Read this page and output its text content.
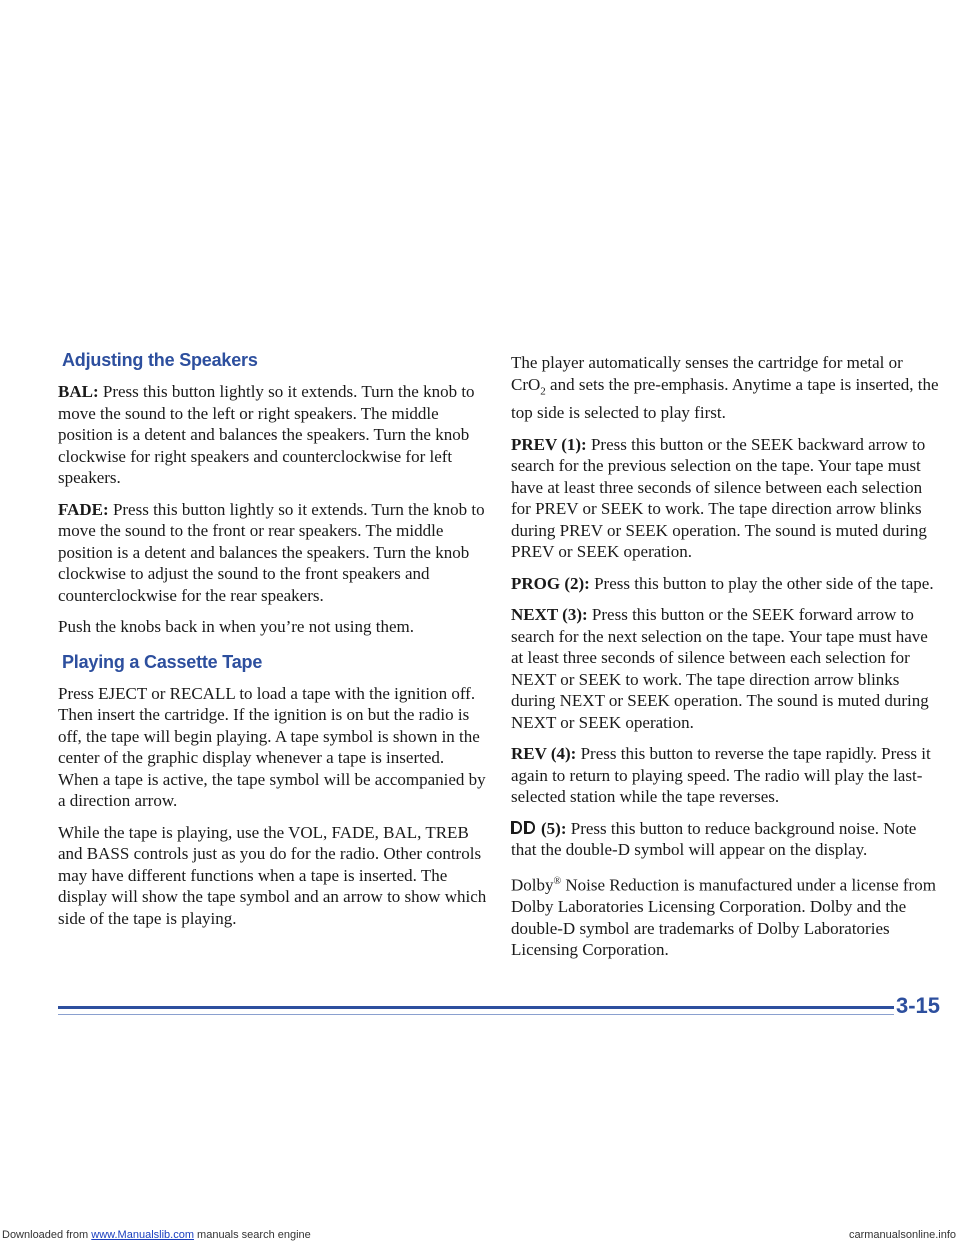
Adjusting the Speakers

BAL: Press this button lightly so it extends. Turn the knob to move the sound to the left or right speakers. The middle position is a detent and balances the speakers. Turn the knob clockwise for right speakers and counterclockwise for left speakers.

FADE: Press this button lightly so it extends. Turn the knob to move the sound to the front or rear speakers. The middle position is a detent and balances the speakers. Turn the knob clockwise to adjust the sound to the front speakers and counterclockwise for the rear speakers.

Push the knobs back in when you’re not using them.

Playing a Cassette Tape

Press EJECT or RECALL to load a tape with the ignition off. Then insert the cartridge. If the ignition is on but the radio is off, the tape will begin playing. A tape symbol is shown in the center of the graphic display whenever a tape is inserted. When a tape is active, the tape symbol will be accompanied by a direction arrow.

While the tape is playing, use the VOL, FADE, BAL, TREB and BASS controls just as you do for the radio. Other controls may have different functions when a tape is inserted. The display will show the tape symbol and an arrow to show which side of the tape is playing.

The player automatically senses the cartridge for metal or CrO$_2$ and sets the pre-emphasis. Anytime a tape is inserted, the top side is selected to play first.

PREV (1): Press this button or the SEEK backward arrow to search for the previous selection on the tape. Your tape must have at least three seconds of silence between each selection for PREV or SEEK to work. The tape direction arrow blinks during PREV or SEEK operation. The sound is muted during PREV or SEEK operation.

PROG (2): Press this button to play the other side of the tape.

NEXT (3): Press this button or the SEEK forward arrow to search for the next selection on the tape. Your tape must have at least three seconds of silence between each selection for NEXT or SEEK to work. The tape direction arrow blinks during NEXT or SEEK operation. The sound is muted during NEXT or SEEK operation.

REV (4): Press this button to reverse the tape rapidly. Press it again to return to playing speed. The radio will play the last-selected station while the tape reverses.

(5): Press this button to reduce background noise. Note that the double-D symbol will appear on the display.

Dolby® Noise Reduction is manufactured under a license from Dolby Laboratories Licensing Corporation. Dolby and the double-D symbol are trademarks of Dolby Laboratories Licensing Corporation.

3-15
Downloaded from www.Manualslib.com manuals search engine	carmanualsonline.info
